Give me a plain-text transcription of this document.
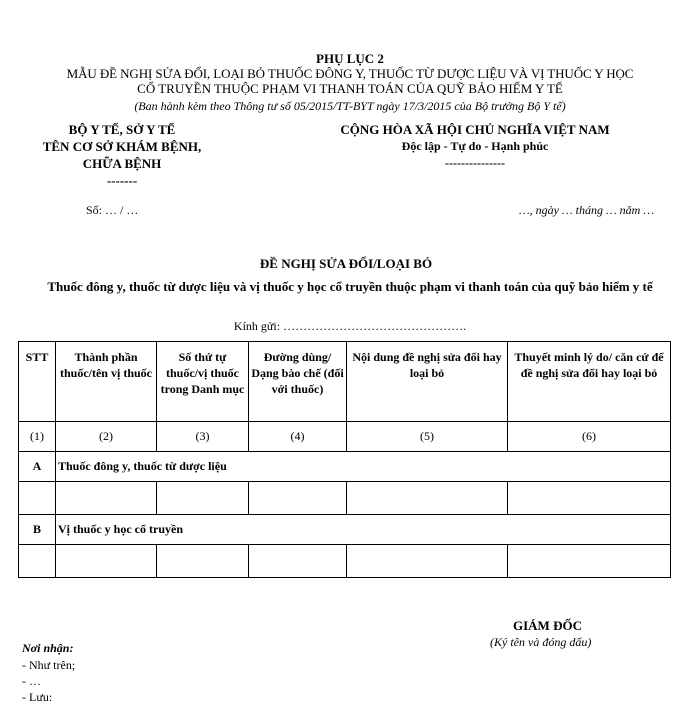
PHỤ LỤC 2
MẪU ĐỀ NGHỊ SỬA ĐỔI, LOẠI BỎ THUỐC ĐÔNG Y, THUỐC TỪ DƯỢC LIỆU VÀ VỊ THUỐC Y HỌC
CỔ TRUYỀN THUỘC PHẠM VI THANH TOÁN CỦA QUỸ BẢO HIỂM Y TẾ
(Ban hành kèm theo Thông tư số 05/2015/TT-BYT ngày 17/3/2015 của Bộ trưởng Bộ Y tế)
BỘ Y TẾ, SỞ Y TẾ
TÊN CƠ SỞ KHÁM BỆNH,
CHỮA BỆNH
-------
CỘNG HÒA XÃ HỘI CHỦ NGHĨA VIỆT NAM
Độc lập - Tự do - Hạnh phúc
---------------
Số: … / …	…, ngày … tháng … năm …
ĐỀ NGHỊ SỬA ĐỔI/LOẠI BỎ
Thuốc đông y, thuốc từ dược liệu và vị thuốc y học cổ truyền thuộc phạm vi thanh toán của quỹ bảo hiểm y tế
Kính gửi: ……………………………………….
STT	Thành phần thuốc/tên vị thuốc	Số thứ tự thuốc/vị thuốc trong Danh mục	Đường dùng/ Dạng bào chế (đối với thuốc)	Nội dung đề nghị sửa đổi hay loại bỏ	Thuyết minh lý do/ căn cứ để đề nghị sửa đổi hay loại bỏ
(1)	(2)	(3)	(4)	(5)	(6)
A	Thuốc đông y, thuốc từ dược liệu				

B	Vị thuốc y học cổ truyền				

GIÁM ĐỐC
(Ký tên và đóng dấu)
Nơi nhận:
- Như trên;
- …
- Lưu:
